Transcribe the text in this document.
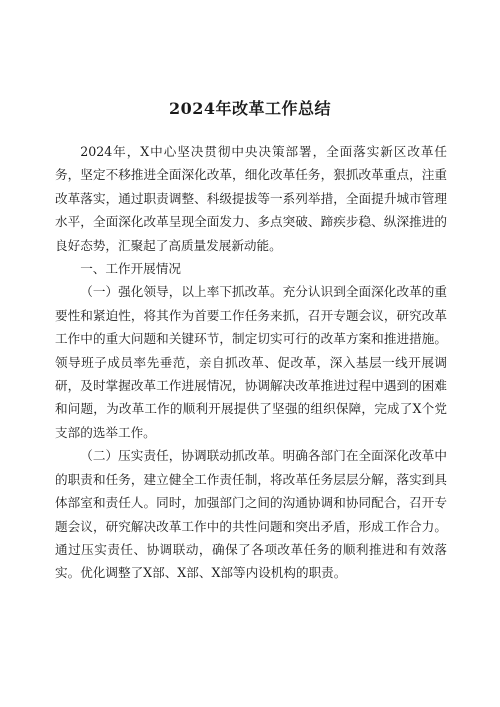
2024年改革工作总结

2024年，X中心坚决贯彻中央决策部署，全面落实新区改革任务，坚定不移推进全面深化改革，细化改革任务，狠抓改革重点，注重改革落实，通过职责调整、科级提拔等一系列举措，全面提升城市管理水平，全面深化改革呈现全面发力、多点突破、蹄疾步稳、纵深推进的良好态势，汇聚起了高质量发展新动能。

一、工作开展情况

（一）强化领导，以上率下抓改革。充分认识到全面深化改革的重要性和紧迫性，将其作为首要工作任务来抓，召开专题会议，研究改革工作中的重大问题和关键环节，制定切实可行的改革方案和推进措施。领导班子成员率先垂范，亲自抓改革、促改革，深入基层一线开展调研，及时掌握改革工作进展情况，协调解决改革推进过程中遇到的困难和问题，为改革工作的顺利开展提供了坚强的组织保障，完成了X个党支部的选举工作。

（二）压实责任，协调联动抓改革。明确各部门在全面深化改革中的职责和任务，建立健全工作责任制，将改革任务层层分解，落实到具体部室和责任人。同时，加强部门之间的沟通协调和协同配合，召开专题会议，研究解决改革工作中的共性问题和突出矛盾，形成工作合力。通过压实责任、协调联动，确保了各项改革任务的顺利推进和有效落实。优化调整了X部、X部、X部等内设机构的职责。
